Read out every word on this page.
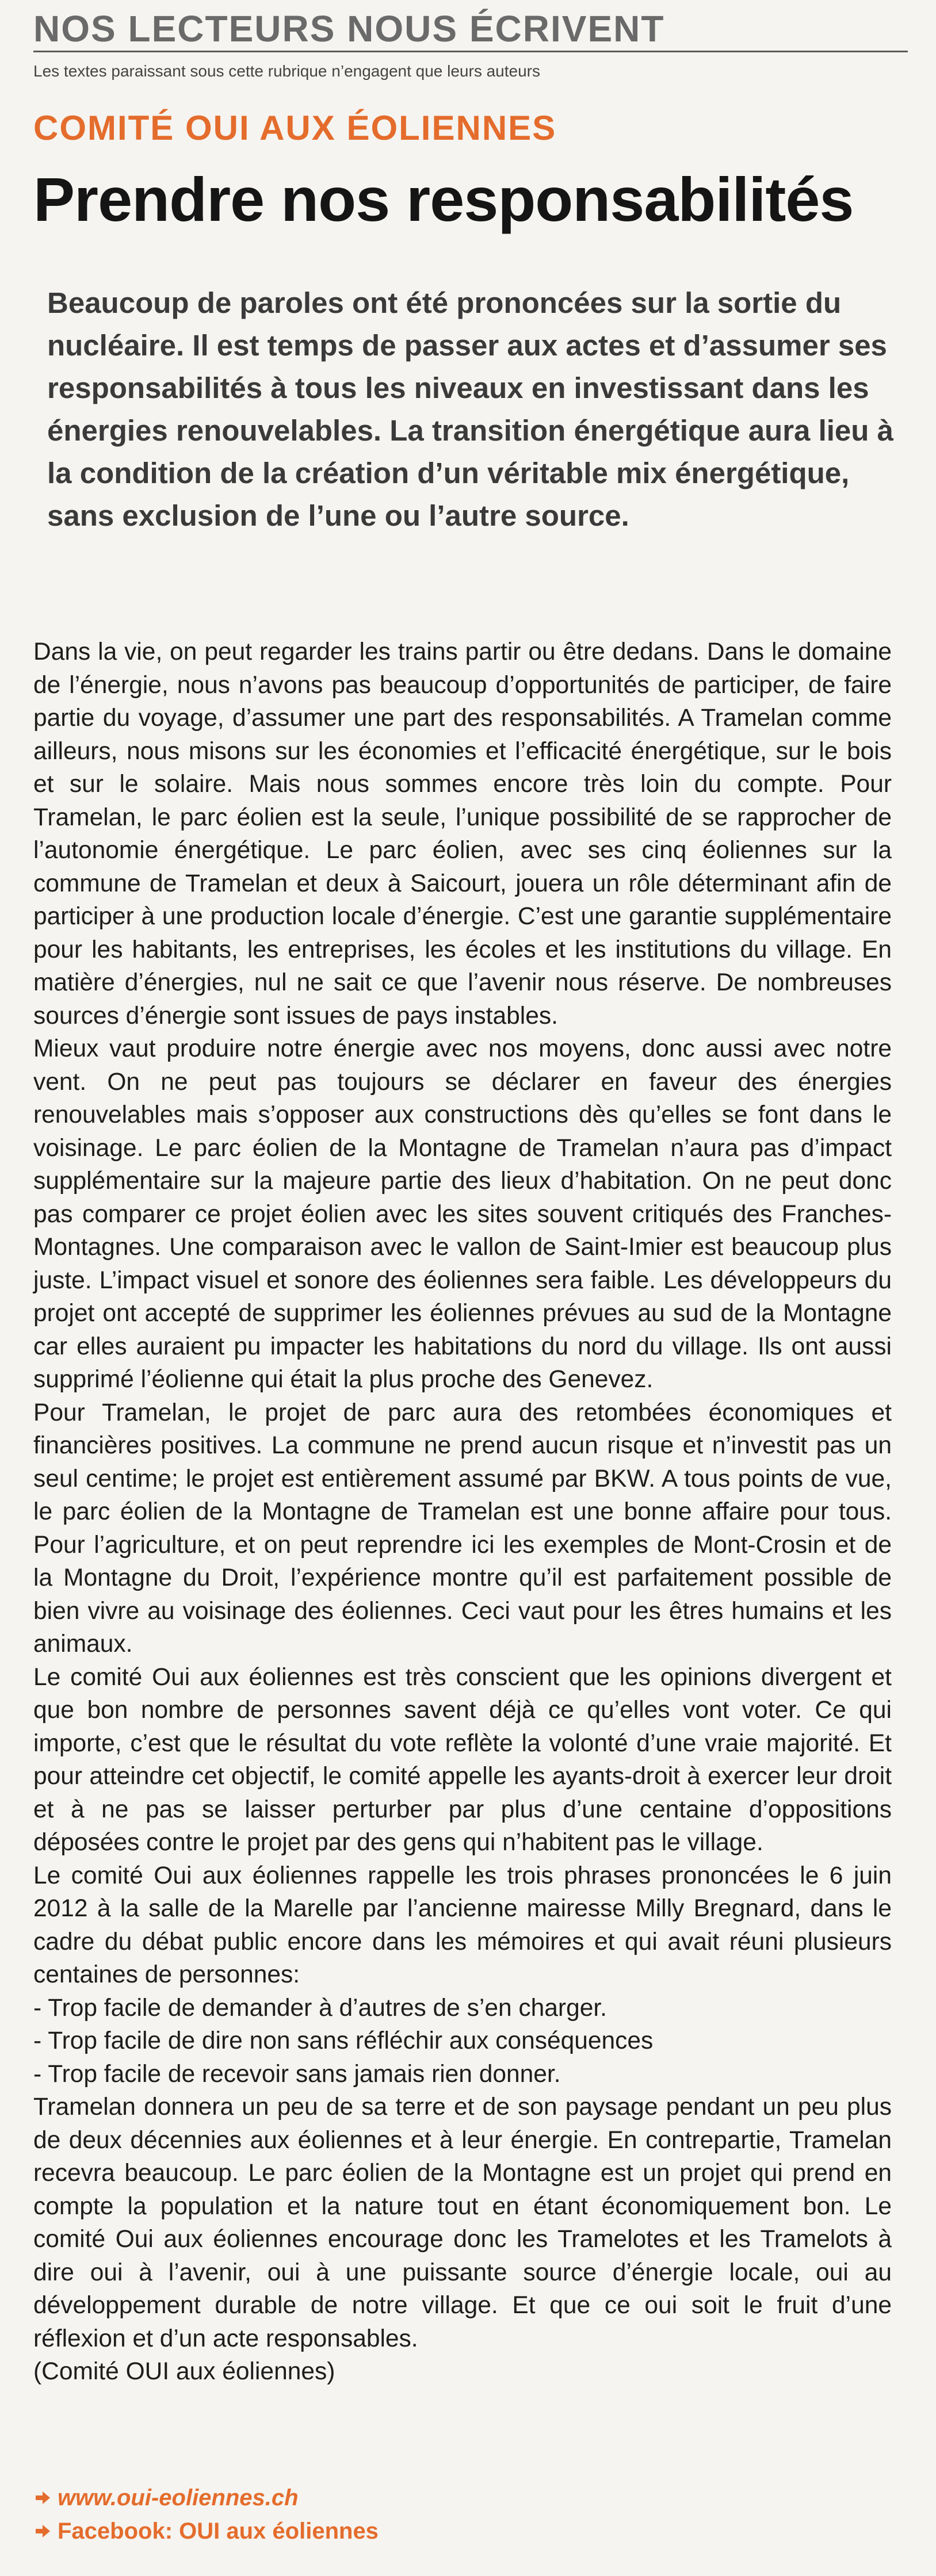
NOS LECTEURS NOUS ÉCRIVENT
Les textes paraissant sous cette rubrique n’engagent que leurs auteurs
COMITÉ OUI AUX ÉOLIENNES
Prendre nos responsabilités
Beaucoup de paroles ont été prononcées sur la sortie du nucléaire. Il est temps de passer aux actes et d’assumer ses responsabilités à tous les niveaux en investissant dans les énergies renouvelables. La transition énergétique aura lieu à la condition de la création d’un véritable mix énergétique, sans exclusion de l’une ou l’autre source.

Dans la vie, on peut regarder les trains partir ou être dedans. Dans le domaine de l’énergie, nous n’avons pas beaucoup d’opportunités de participer, de faire partie du voyage, d’assumer une part des responsabilités. A Tramelan comme ailleurs, nous misons sur les économies et l’efficacité énergétique, sur le bois et sur le solaire. Mais nous sommes encore très loin du compte. Pour Tramelan, le parc éolien est la seule, l’unique possibilité de se rapprocher de l’autonomie énergétique. Le parc éolien, avec ses cinq éoliennes sur la commune de Tramelan et deux à Saicourt, jouera un rôle déterminant afin de participer à une production locale d’énergie. C’est une garantie supplémentaire pour les habitants, les entreprises, les écoles et les institutions du village. En matière d’énergies, nul ne sait ce que l’avenir nous réserve. De nombreuses sources d’énergie sont issues de pays instables.

Mieux vaut produire notre énergie avec nos moyens, donc aussi avec notre vent. On ne peut pas toujours se déclarer en faveur des énergies renouvelables mais s’opposer aux constructions dès qu’elles se font dans le voisinage. Le parc éolien de la Montagne de Tramelan n’aura pas d’impact supplémentaire sur la majeure partie des lieux d’habitation. On ne peut donc pas comparer ce projet éolien avec les sites souvent critiqués des Franches-Montagnes. Une comparaison avec le vallon de Saint-Imier est beaucoup plus juste. L’impact visuel et sonore des éoliennes sera faible. Les développeurs du projet ont accepté de supprimer les éoliennes prévues au sud de la Montagne car elles auraient pu impacter les habitations du nord du village. Ils ont aussi supprimé l’éolienne qui était la plus proche des Genevez.

Pour Tramelan, le projet de parc aura des retombées économiques et financières positives. La commune ne prend aucun risque et n’investit pas un seul centime; le projet est entièrement assumé par BKW. A tous points de vue, le parc éolien de la Montagne de Tramelan est une bonne affaire pour tous. Pour l’agriculture, et on peut reprendre ici les exemples de Mont-Crosin et de la Montagne du Droit, l’expérience montre qu’il est parfaitement possible de bien vivre au voisinage des éoliennes. Ceci vaut pour les êtres humains et les animaux.

Le comité Oui aux éoliennes est très conscient que les opinions divergent et que bon nombre de personnes savent déjà ce qu’elles vont voter. Ce qui importe, c’est que le résultat du vote reflète la volonté d’une vraie majorité. Et pour atteindre cet objectif, le comité appelle les ayants-droit à exercer leur droit et à ne pas se laisser perturber par plus d’une centaine d’oppositions déposées contre le projet par des gens qui n’habitent pas le village.

Le comité Oui aux éoliennes rappelle les trois phrases prononcées le 6 juin 2012 à la salle de la Marelle par l’ancienne mairesse Milly Bregnard, dans le cadre du débat public encore dans les mémoires et qui avait réuni plusieurs centaines de personnes:

- Trop facile de demander à d’autres de s’en charger.

- Trop facile de dire non sans réfléchir aux conséquences

- Trop facile de recevoir sans jamais rien donner.

Tramelan donnera un peu de sa terre et de son paysage pendant un peu plus de deux décennies aux éoliennes et à leur énergie. En contrepartie, Tramelan recevra beaucoup. Le parc éolien de la Montagne est un projet qui prend en compte la population et la nature tout en étant économiquement bon. Le comité Oui aux éoliennes encourage donc les Tramelotes et les Tramelots à dire oui à l’avenir, oui à une puissante source d’énergie locale, oui au développement durable de notre village. Et que ce oui soit le fruit d’une réflexion et d’un acte responsables.

(Comité OUI aux éoliennes)

www.oui-eoliennes.ch
Facebook: OUI aux éoliennes
